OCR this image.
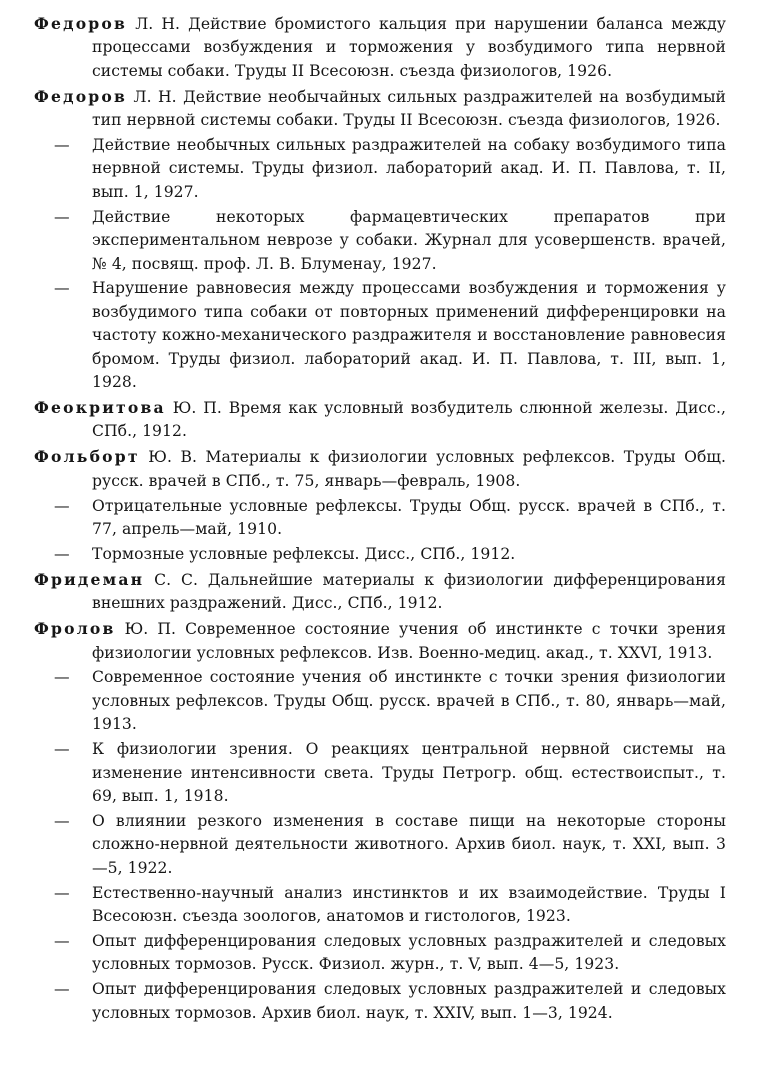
Федоров Л. Н. Действие бромистого кальция при нарушении баланса между процессами возбуждения и торможения у возбудимого типа нервной системы собаки. Труды II Всесоюзн. съезда физиологов, 1926.
Федоров Л. Н. Действие необычайных сильных раздражителей на возбудимый тип нервной системы собаки. Труды II Всесоюзн. съезда физиологов, 1926.
—	Действие необычных сильных раздражителей на собаку возбудимого типа нервной системы. Труды физиол. лабораторий акад. И. П. Павлова, т. II, вып. 1, 1927.
—	Действие некоторых фармацевтических препаратов при экспериментальном неврозе у собаки. Журнал для усовершенств. врачей, № 4, посвящ. проф. Л. В. Блуменау, 1927.
—	Нарушение равновесия между процессами возбуждения и торможения у возбудимого типа собаки от повторных применений дифференцировки на частоту кожно-механического раздражителя и восстановление равновесия бромом. Труды физиол. лабораторий акад. И. П. Павлова, т. III, вып. 1, 1928.
Феокритова Ю. П. Время как условный возбудитель слюнной железы. Дисс., СПб., 1912.
Фольборт Ю. В. Материалы к физиологии условных рефлексов. Труды Общ. русск. врачей в СПб., т. 75, январь—февраль, 1908.
—	Отрицательные условные рефлексы. Труды Общ. русск. врачей в СПб., т. 77, апрель—май, 1910.
—	Тормозные условные рефлексы. Дисс., СПб., 1912.
Фридеман С. С. Дальнейшие материалы к физиологии дифференцирования внешних раздражений. Дисс., СПб., 1912.
Фролов Ю. П. Современное состояние учения об инстинкте с точки зрения физиологии условных рефлексов. Изв. Военно-медиц. акад., т. XXVI, 1913.
—	Современное состояние учения об инстинкте с точки зрения физиологии условных рефлексов. Труды Общ. русск. врачей в СПб., т. 80, январь—май, 1913.
—	К физиологии зрения. О реакциях центральной нервной системы на изменение интенсивности света. Труды Петрогр. общ. естествоиспыт., т. 69, вып. 1, 1918.
—	О влиянии резкого изменения в составе пищи на некоторые стороны сложно-нервной деятельности животного. Архив биол. наук, т. XXI, вып. 3—5, 1922.
—	Естественно-научный анализ инстинктов и их взаимодействие. Труды I Всесоюзн. съезда зоологов, анатомов и гистологов, 1923.
—	Опыт дифференцирования следовых условных раздражителей и следовых условных тормозов. Русск. Физиол. журн., т. V, вып. 4—5, 1923.
—	Опыт дифференцирования следовых условных раздражителей и следовых условных тормозов. Архив биол. наук, т. XXIV, вып. 1—3, 1924.
